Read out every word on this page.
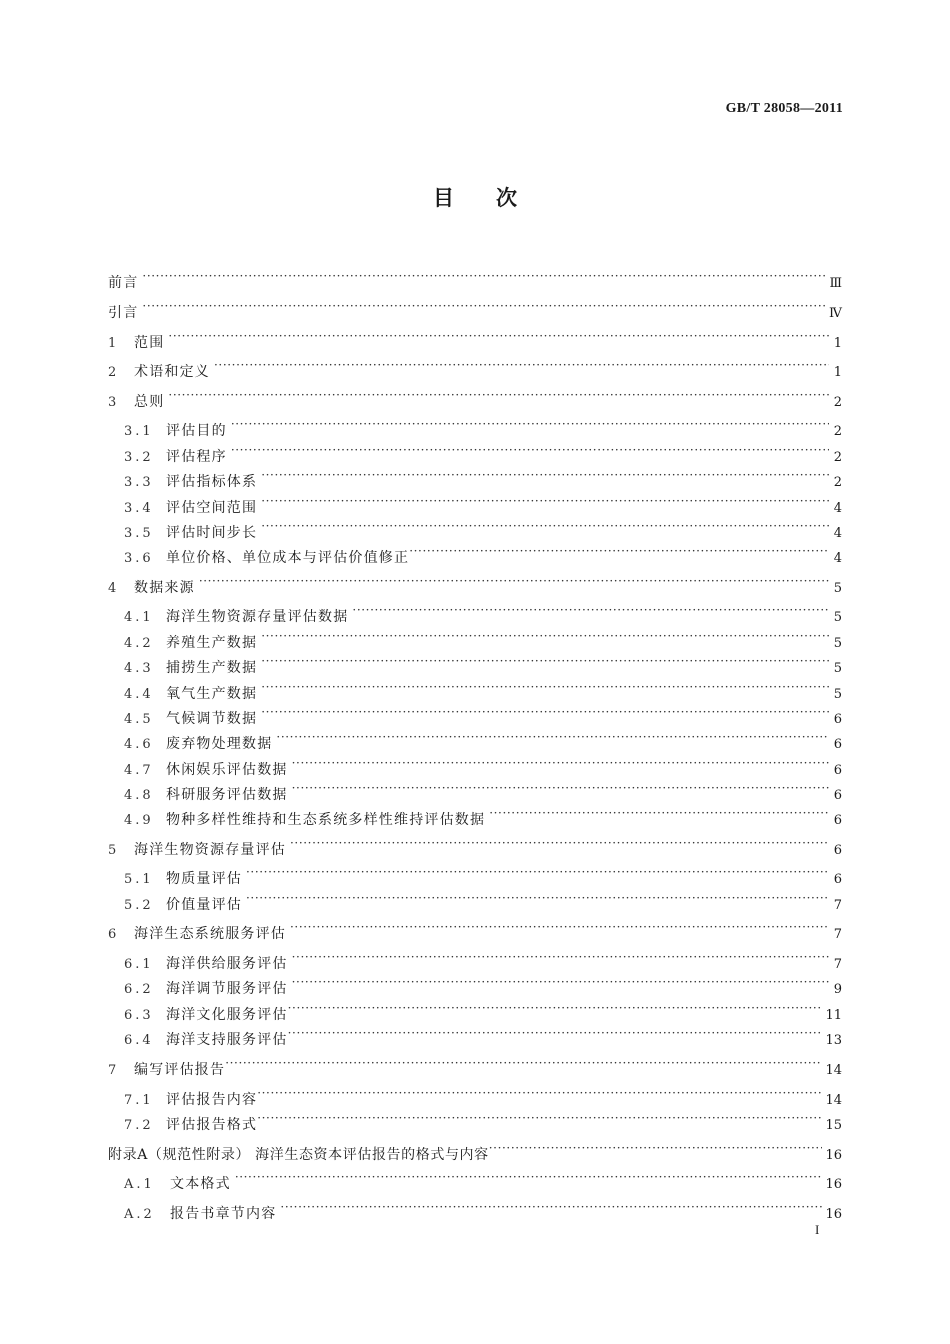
GB/T 28058—2011
目次
前言 ·····	Ⅲ
引言 ·····	Ⅳ
1	范围 ·····	1
2	术语和定义 ·····	1
3	总则 ·····	2
3.1 评估目的 ·····	2
3.2 评估程序 ·····	2
3.3 评估指标体系 ·····	2
3.4 评估空间范围 ·····	4
3.5 评估时间步长 ·····	4
3.6 单位价格、单位成本与评估价值修正 ·····	4
4	数据来源 ·····	5
4.1 海洋生物资源存量评估数据 ·····	5
4.2 养殖生产数据 ·····	5
4.3 捕捞生产数据 ·····	5
4.4 氧气生产数据 ·····	5
4.5 气候调节数据 ·····	6
4.6 废弃物处理数据 ·····	6
4.7 休闲娱乐评估数据 ·····	6
4.8 科研服务评估数据 ·····	6
4.9 物种多样性维持和生态系统多样性维持评估数据 ·····	6
5	海洋生物资源存量评估 ·····	6
5.1 物质量评估 ·····	6
5.2 价值量评估 ·····	7
6	海洋生态系统服务评估 ·····	7
6.1 海洋供给服务评估 ·····	7
6.2 海洋调节服务评估 ·····	9
6.3 海洋文化服务评估 ·····	11
6.4 海洋支持服务评估 ·····	13
7	编写评估报告 ·····	14
7.1 评估报告内容 ·····	14
7.2 评估报告格式 ·····	15
附录A（规范性附录） 海洋生态资本评估报告的格式与内容 ·····	16
A.1	文本格式 ·····	16
A.2	报告书章节内容 ·····	16
I
